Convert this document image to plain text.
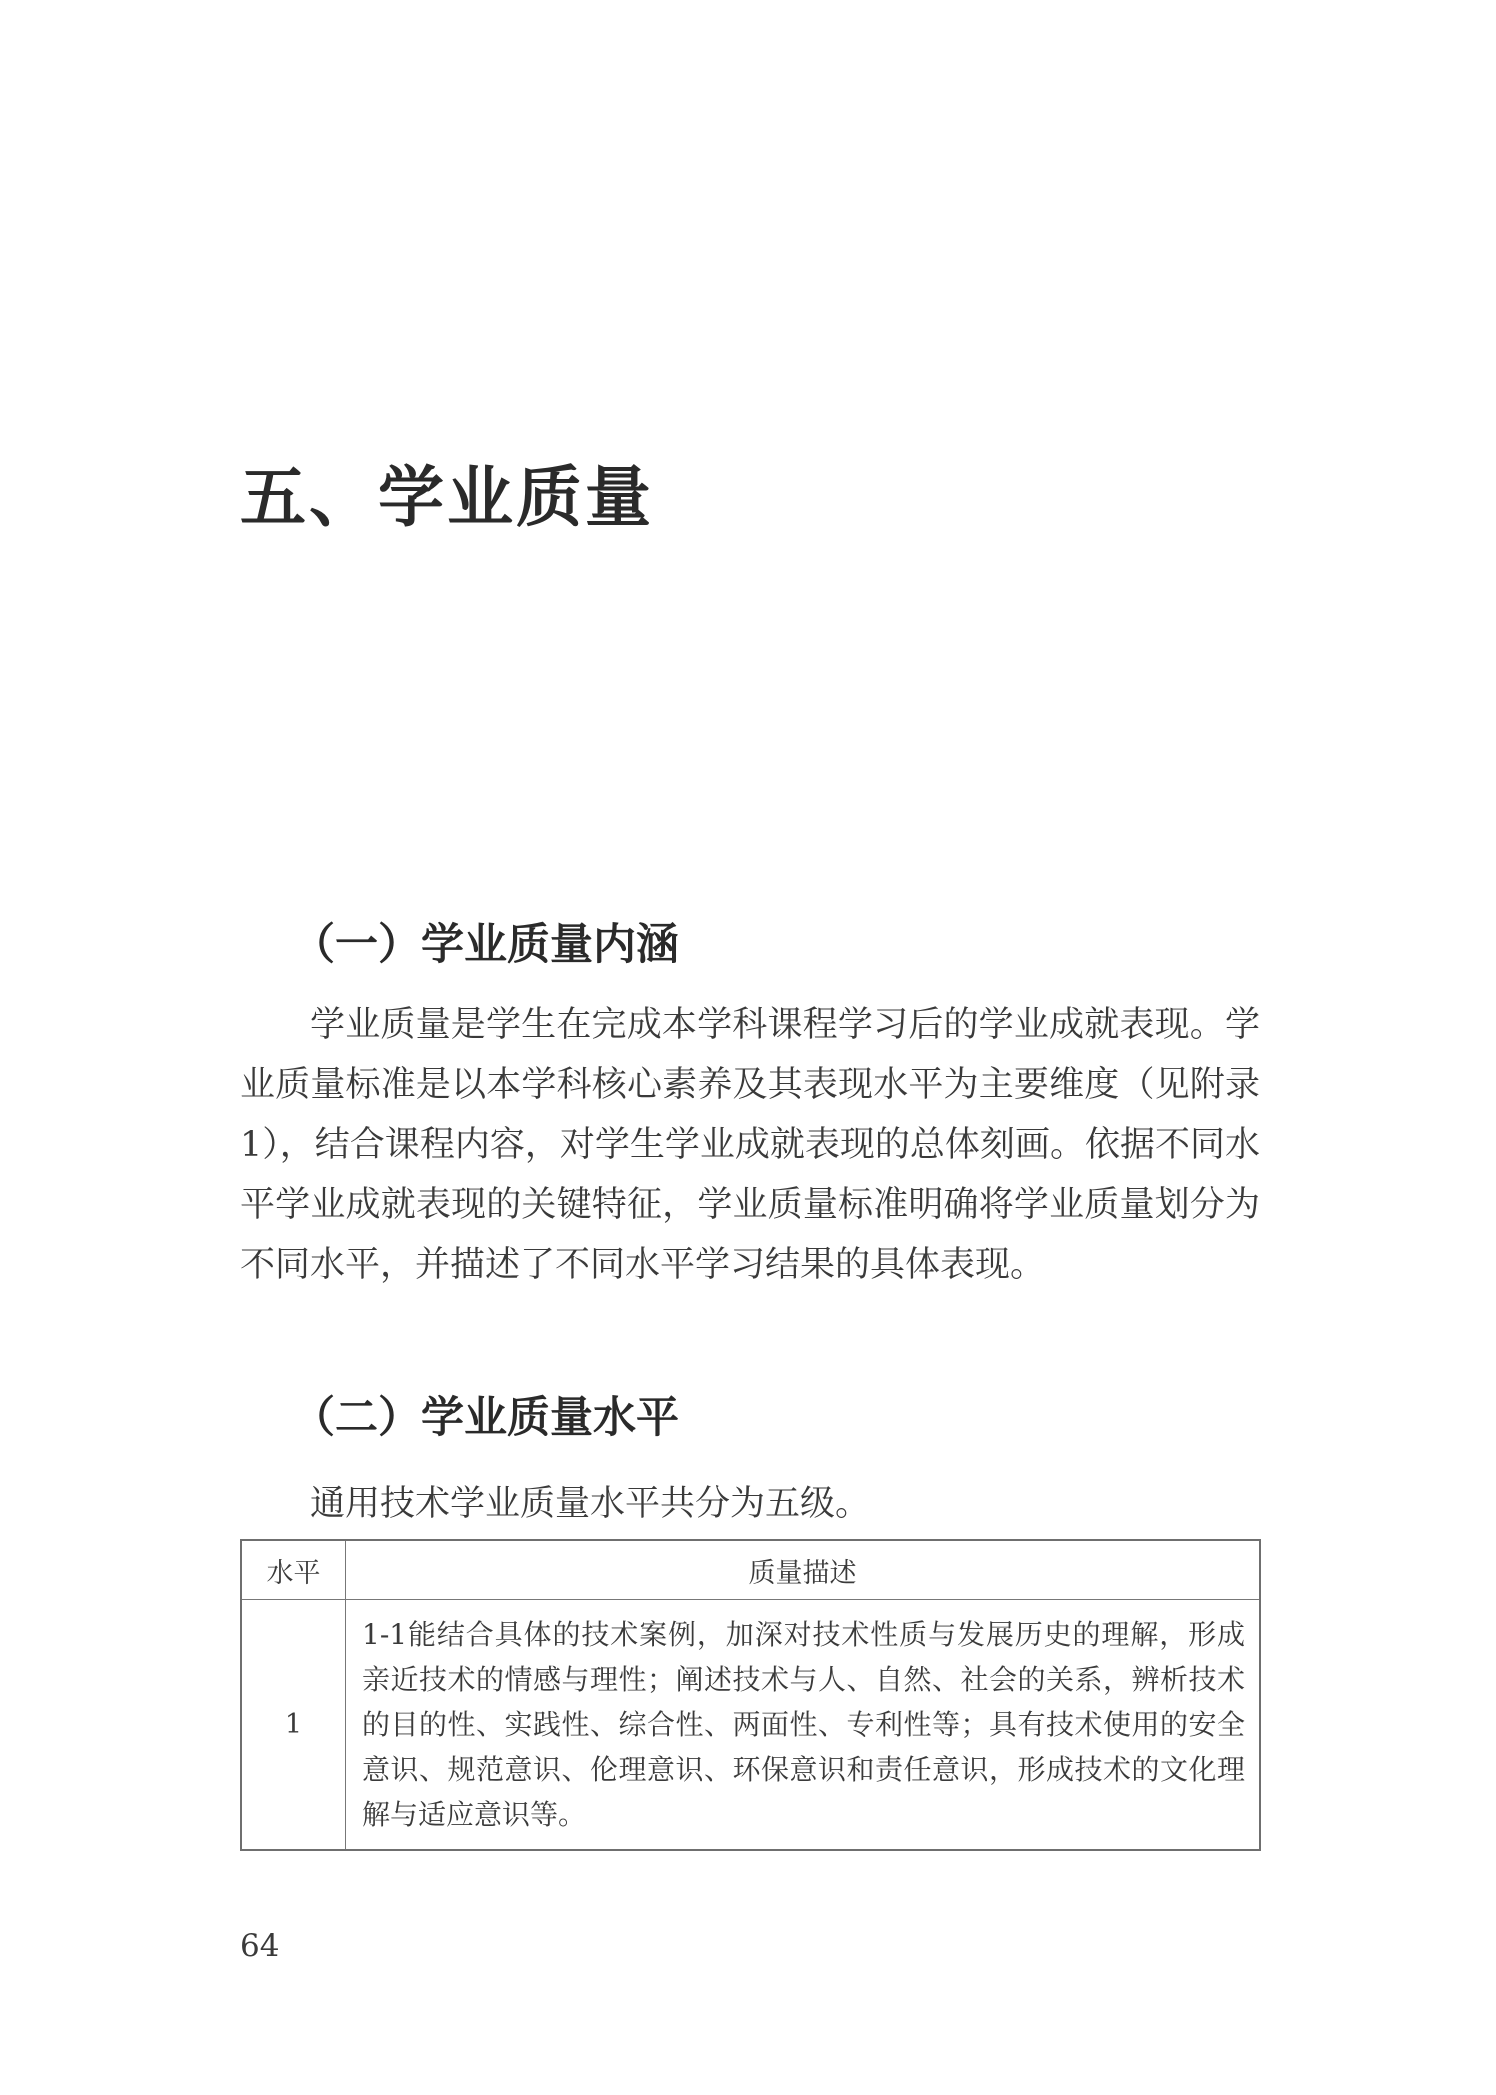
五、学业质量
（一）学业质量内涵

学业质量是学生在完成本学科课程学习后的学业成就表现。学业质量标准是以本学科核心素养及其表现水平为主要维度（见附录1），结合课程内容，对学生学业成就表现的总体刻画。依据不同水平学业成就表现的关键特征，学业质量标准明确将学业质量划分为不同水平，并描述了不同水平学习结果的具体表现。

（二）学业质量水平

通用技术学业质量水平共分为五级。

水平	质量描述
1	1-1能结合具体的技术案例，加深对技术性质与发展历史的理解，形成亲近技术的情感与理性；阐述技术与人、自然、社会的关系，辨析技术的目的性、实践性、综合性、两面性、专利性等；具有技术使用的安全意识、规范意识、伦理意识、环保意识和责任意识，形成技术的文化理解与适应意识等。
64
